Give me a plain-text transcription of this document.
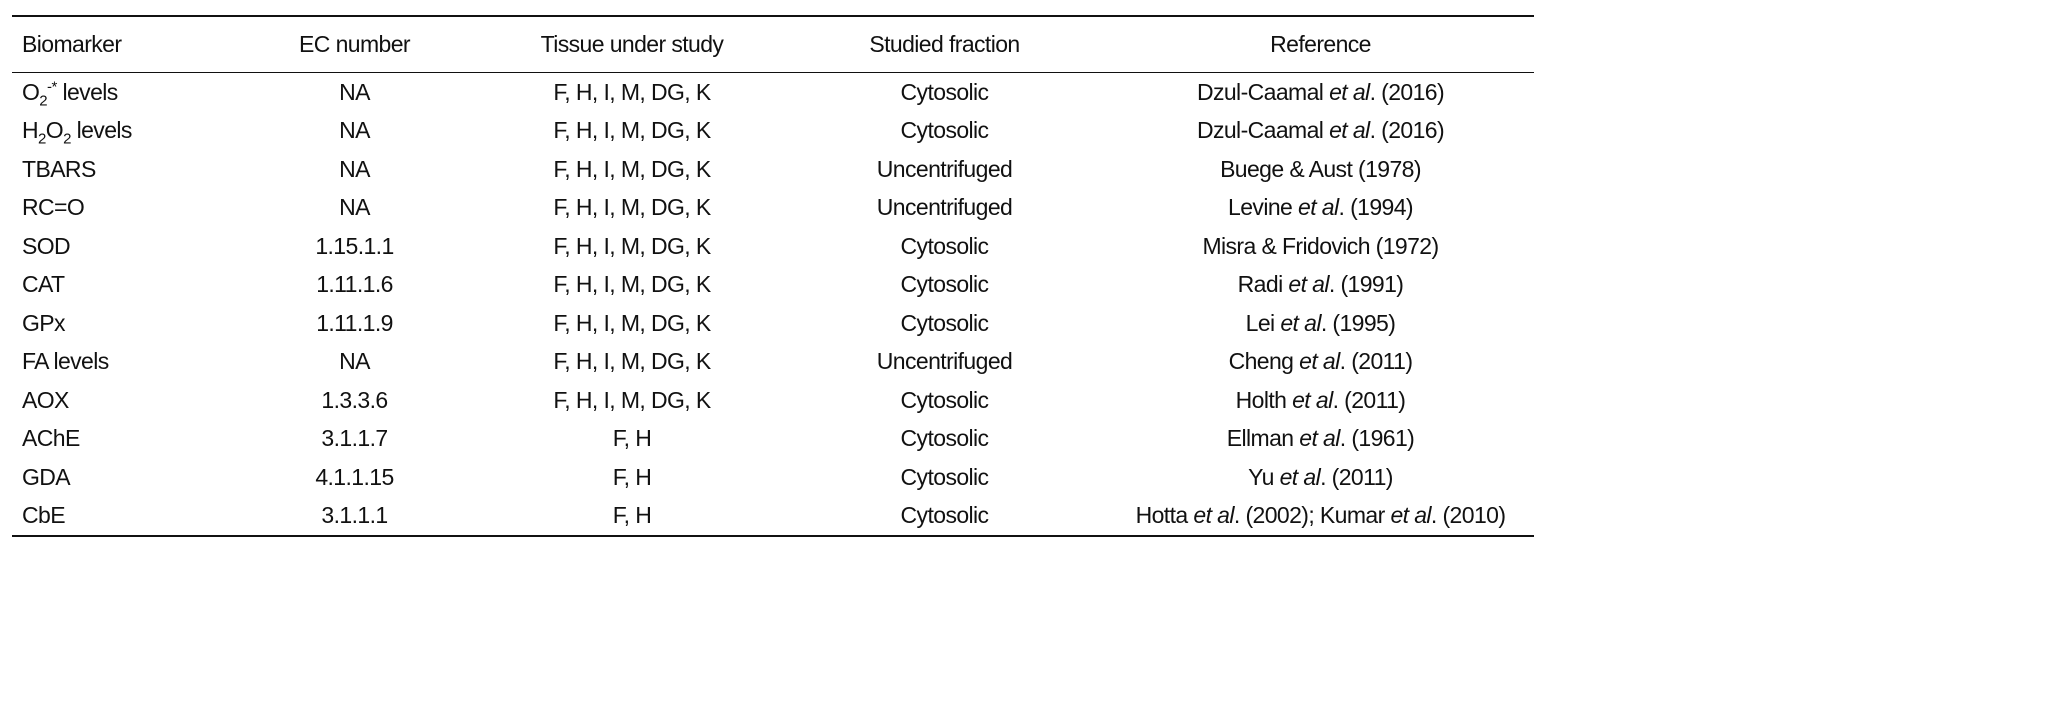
Biomarker	EC number	Tissue under study	Studied fraction	Reference
$O_2^{-*}$ levels	NA	F, H, I, M, DG, K	Cytosolic	Dzul-Caamal et al. (2016)
$H_2O_2$ levels	NA	F, H, I, M, DG, K	Cytosolic	Dzul-Caamal et al. (2016)
TBARS	NA	F, H, I, M, DG, K	Uncentrifuged	Buege & Aust (1978)
RC=O	NA	F, H, I, M, DG, K	Uncentrifuged	Levine et al. (1994)
SOD	1.15.1.1	F, H, I, M, DG, K	Cytosolic	Misra & Fridovich (1972)
CAT	1.11.1.6	F, H, I, M, DG, K	Cytosolic	Radi et al. (1991)
GPx	1.11.1.9	F, H, I, M, DG, K	Cytosolic	Lei et al. (1995)
FA levels	NA	F, H, I, M, DG, K	Uncentrifuged	Cheng et al. (2011)
AOX	1.3.3.6	F, H, I, M, DG, K	Cytosolic	Holth et al. (2011)
AChE	3.1.1.7	F, H	Cytosolic	Ellman et al. (1961)
GDA	4.1.1.15	F, H	Cytosolic	Yu et al. (2011)
CbE	3.1.1.1	F, H	Cytosolic	Hotta et al. (2002); Kumar et al. (2010)
